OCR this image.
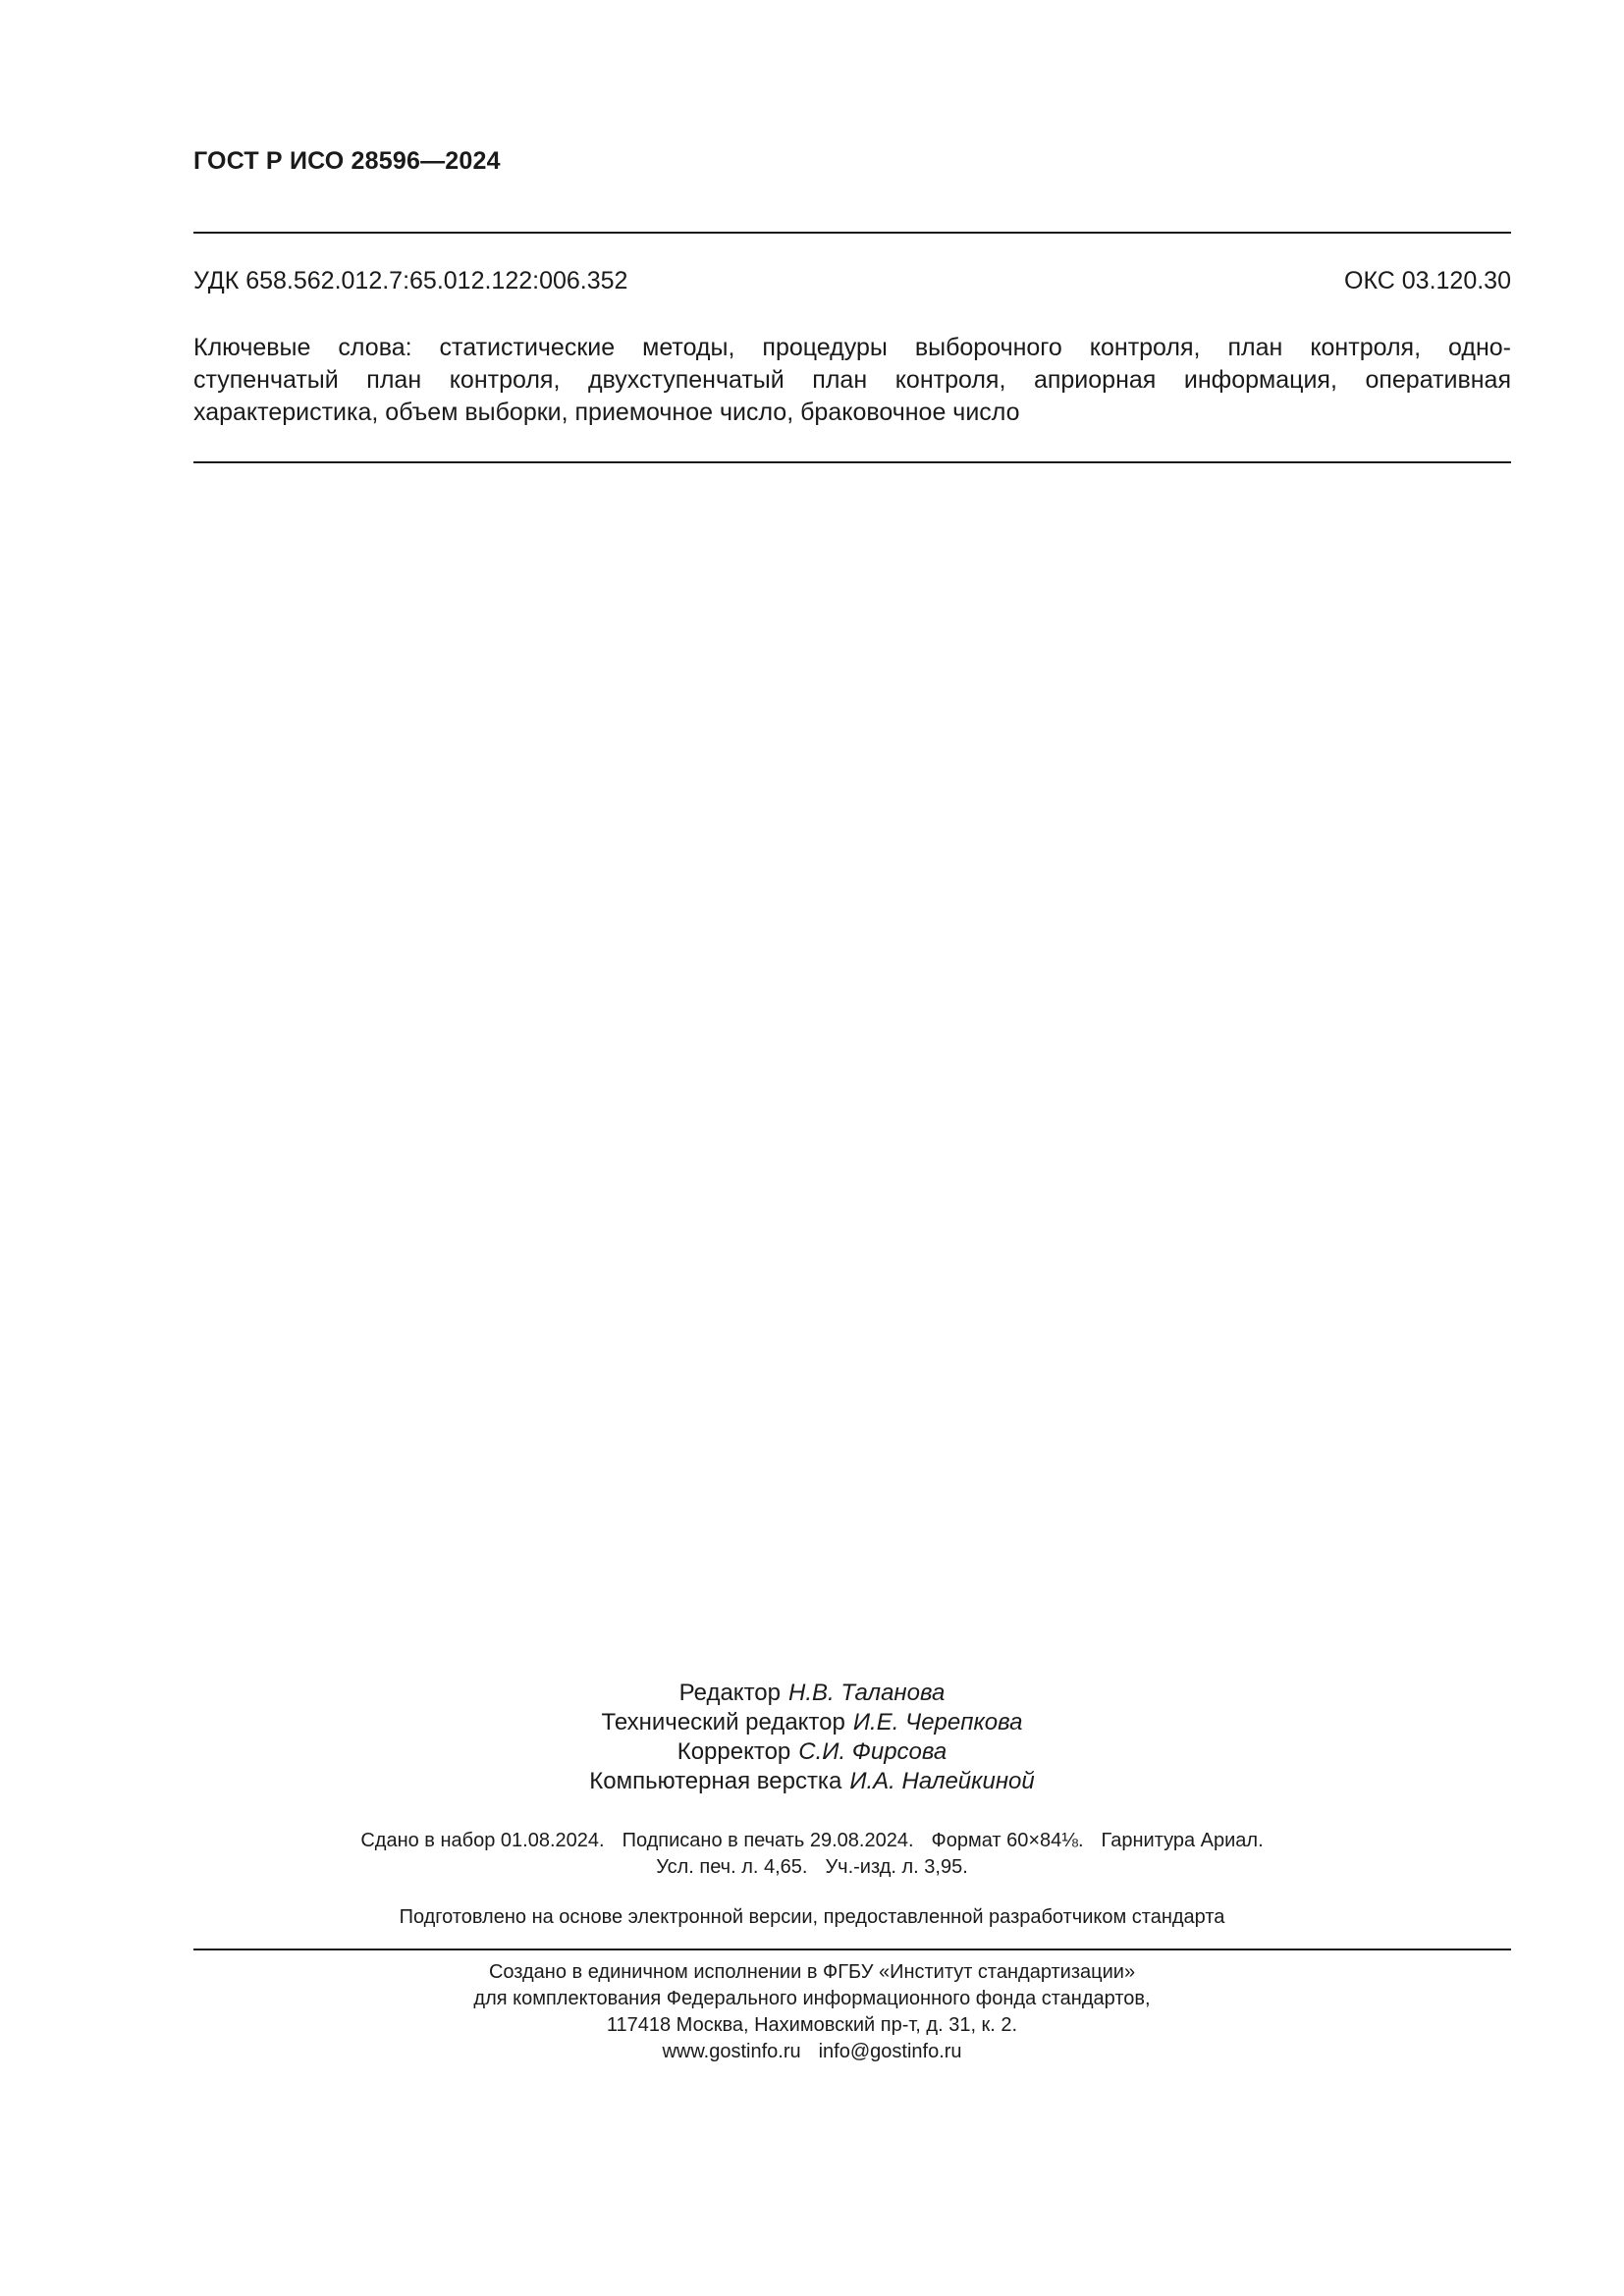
ГОСТ Р ИСО 28596—2024
УДК 658.562.012.7:65.012.122:006.352	ОКС 03.120.30
Ключевые слова: статистические методы, процедуры выборочного контроля, план контроля, одно-
ступенчатый план контроля, двухступенчатый план контроля, априорная информация, оперативная
характеристика, объем выборки, приемочное число, браковочное число
Редактор Н.В. Таланова
Технический редактор И.Е. Черепкова
Корректор С.И. Фирсова
Компьютерная верстка И.А. Налейкиной
Сдано в набор 01.08.2024. Подписано в печать 29.08.2024. Формат 60×84⅛. Гарнитура Ариал.
Усл. печ. л. 4,65. Уч.-изд. л. 3,95.
Подготовлено на основе электронной версии, предоставленной разработчиком стандарта
Создано в единичном исполнении в ФГБУ «Институт стандартизации»
для комплектования Федерального информационного фонда стандартов,
117418 Москва, Нахимовский пр-т, д. 31, к. 2.
www.gostinfo.ru info@gostinfo.ru
